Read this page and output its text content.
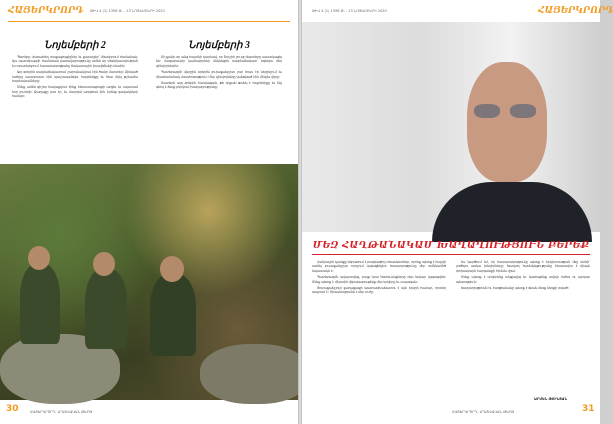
ՀԱՅԵՐԿՐՈՐԴ ԹԻՎ 4 (1) 1396 Թ. - 13 ՆՈՅԵՄԲԵՐԻ 2020
Նոյեմբերի 2

Պետերը փառահեղ տաքացուցիչներ եւ քարայլեր՝ միավորում ժամանակ։ Այս պատերազմի ժամանակ կառավարությունը ամեն օր տեղեկատվություն էր տրամադրում հասարակությանը ճակատային իրավիճակի մասին։

Այդ օրերին ռազմաճակատում շարունակվում էին ծանր մարտեր։ Զինված ուժերը պատրաստ էին պաշտպանելու հայրենիքը եւ հետ մղել թշնամու հարձակումները։

Մենք ամեն գիշեր հավաքվում էինք հեռուստացույցի առջեւ եւ սպասում նոր լուրերի։ Քաղաքը լուռ էր, եւ մարդիկ աղոթում էին իրենց զավակների համար։

Նոյեմբերի 3

Մի քանի օր անց հայտնի դարձավ, որ Շուշիի շուրջ մարտերը սաստկացել են։ Հազարավոր կամավորներ մեկնեցին ռազմաճակատ՝ օգնելու մեր զինվորներին։

Պատերազմի վերջին օրերին յուրաքանչյուր լուր հույս էր ներշնչում եւ միաժամանակ մտահոգություն։ Մեր զինվորները կանգնած էին մինչեւ վերջ։

Շատերն այդ օրերին հասկացան, թե որքան թանկ է հայրենիքը եւ ինչ գնով է ձեռք բերվում խաղաղությունը։

30	ՀԱՅԵՐԿՐՈՐԴ, ԼՐԱՏՎԱԿԱՆ ԹԵՐԹ
ԹԻՎ 4 (1) 1396 Թ. - 13 ՆՈՅԵՄԲԵՐԻ 2020	ՀԱՅԵՐԿՐՈՐԴ
ՄԵԶ ՀԱՂԹԱՆԱԿԱՄ ԽԱՂԱՂՈՒԹՅՈՒՆ ԲԵՐԵՔ

Հանրային կյանքը ներառում է բազմաթիվ տեսակետներ, որոնք պետք է հաշվի առնել յուրաքանչյուր որոշում կայացնելիս։ Խաղաղությունը մեր ամենամեծ նպատակն է։

Պատերազմն ավարտվեց, բայց նրա հետեւանքները դեռ երկար կզգացվեն։ Մենք պետք է միասին վերակառուցենք մեր երկիրը եւ ապագան։

Յուրաքանչյուր քաղաքացի պատասխանատու է այն երկրի համար, որտեղ ապրում է։ Միասնությունն է մեր ուժը։

Ես կարծում եմ, որ հասարակությունը պետք է երկխոսության մեջ մտնի՝ լուծելու առկա խնդիրները։ Խաղաղ համակեցությունը հնարավոր է միայն փոխադարձ հարգանքի հիման վրա։

Մենք պետք է սովորենք անցյալից եւ կառուցենք ավելի ուժեղ ու արդար պետություն։

Խաղաղությունն ու հաղթանակը պետք է գնան ձեռք ձեռքի տված։

ԱՐՄԵՆ ԹՈՒՆՅԱՆ
ՀԱՅԵՐԿՐՈՐԴ, ԼՐԱՏՎԱԿԱՆ ԹԵՐԹ	31
